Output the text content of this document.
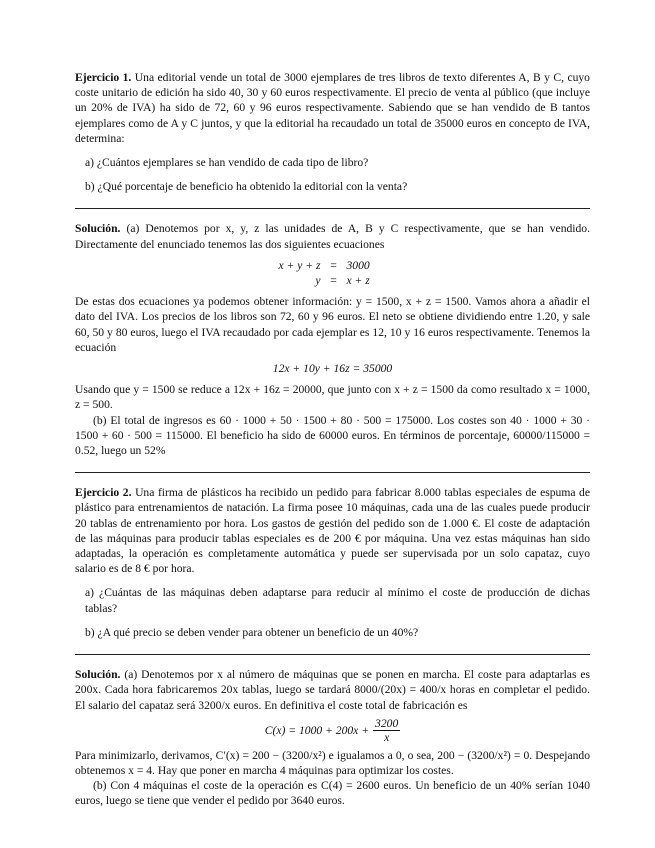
Ejercicio 1. Una editorial vende un total de 3000 ejemplares de tres libros de texto diferentes A, B y C, cuyo coste unitario de edición ha sido 40, 30 y 60 euros respectivamente. El precio de venta al público (que incluye un 20% de IVA) ha sido de 72, 60 y 96 euros respectivamente. Sabiendo que se han vendido de B tantos ejemplares como de A y C juntos, y que la editorial ha recaudado un total de 35000 euros en concepto de IVA, determina:

a) ¿Cuántos ejemplares se han vendido de cada tipo de libro?

b) ¿Qué porcentaje de beneficio ha obtenido la editorial con la venta?

Solución. (a) Denotemos por x, y, z las unidades de A, B y C respectivamente, que se han vendido. Directamente del enunciado tenemos las dos siguientes ecuaciones

x + y + z = 3000
y = x + z

De estas dos ecuaciones ya podemos obtener información: y = 1500, x + z = 1500. Vamos ahora a añadir el dato del IVA. Los precios de los libros son 72, 60 y 96 euros. El neto se obtiene dividiendo entre 1.20, y sale 60, 50 y 80 euros, luego el IVA recaudado por cada ejemplar es 12, 10 y 16 euros respectivamente. Tenemos la ecuación

12x + 10y + 16z = 35000

Usando que y = 1500 se reduce a 12x + 16z = 20000, que junto con x + z = 1500 da como resultado x = 1000, z = 500.

(b) El total de ingresos es 60 · 1000 + 50 · 1500 + 80 · 500 = 175000. Los costes son 40 · 1000 + 30 · 1500 + 60 · 500 = 115000. El beneficio ha sido de 60000 euros. En términos de porcentaje, 60000/115000 = 0.52, luego un 52%

Ejercicio 2. Una firma de plásticos ha recibido un pedido para fabricar 8.000 tablas especiales de espuma de plástico para entrenamientos de natación. La firma posee 10 máquinas, cada una de las cuales puede producir 20 tablas de entrenamiento por hora. Los gastos de gestión del pedido son de 1.000 €. El coste de adaptación de las máquinas para producir tablas especiales es de 200 € por máquina. Una vez estas máquinas han sido adaptadas, la operación es completamente automática y puede ser supervisada por un solo capataz, cuyo salario es de 8 € por hora.

a) ¿Cuántas de las máquinas deben adaptarse para reducir al mínimo el coste de producción de dichas tablas?

b) ¿A qué precio se deben vender para obtener un beneficio de un 40%?

Solución. (a) Denotemos por x al número de máquinas que se ponen en marcha. El coste para adaptarlas es 200x. Cada hora fabricaremos 20x tablas, luego se tardará 8000/(20x) = 400/x horas en completar el pedido. El salario del capataz será 3200/x euros. En definitiva el coste total de fabricación es

$C(x) = 1000 + 200x + \frac{3200}{x}$

Para minimizarlo, derivamos, C′(x) = 200 − (3200/x²) e igualamos a 0, o sea, 200 − (3200/x²) = 0. Despejando obtenemos x = 4. Hay que poner en marcha 4 máquinas para optimizar los costes.

(b) Con 4 máquinas el coste de la operación es C(4) = 2600 euros. Un beneficio de un 40% serían 1040 euros, luego se tiene que vender el pedido por 3640 euros.
